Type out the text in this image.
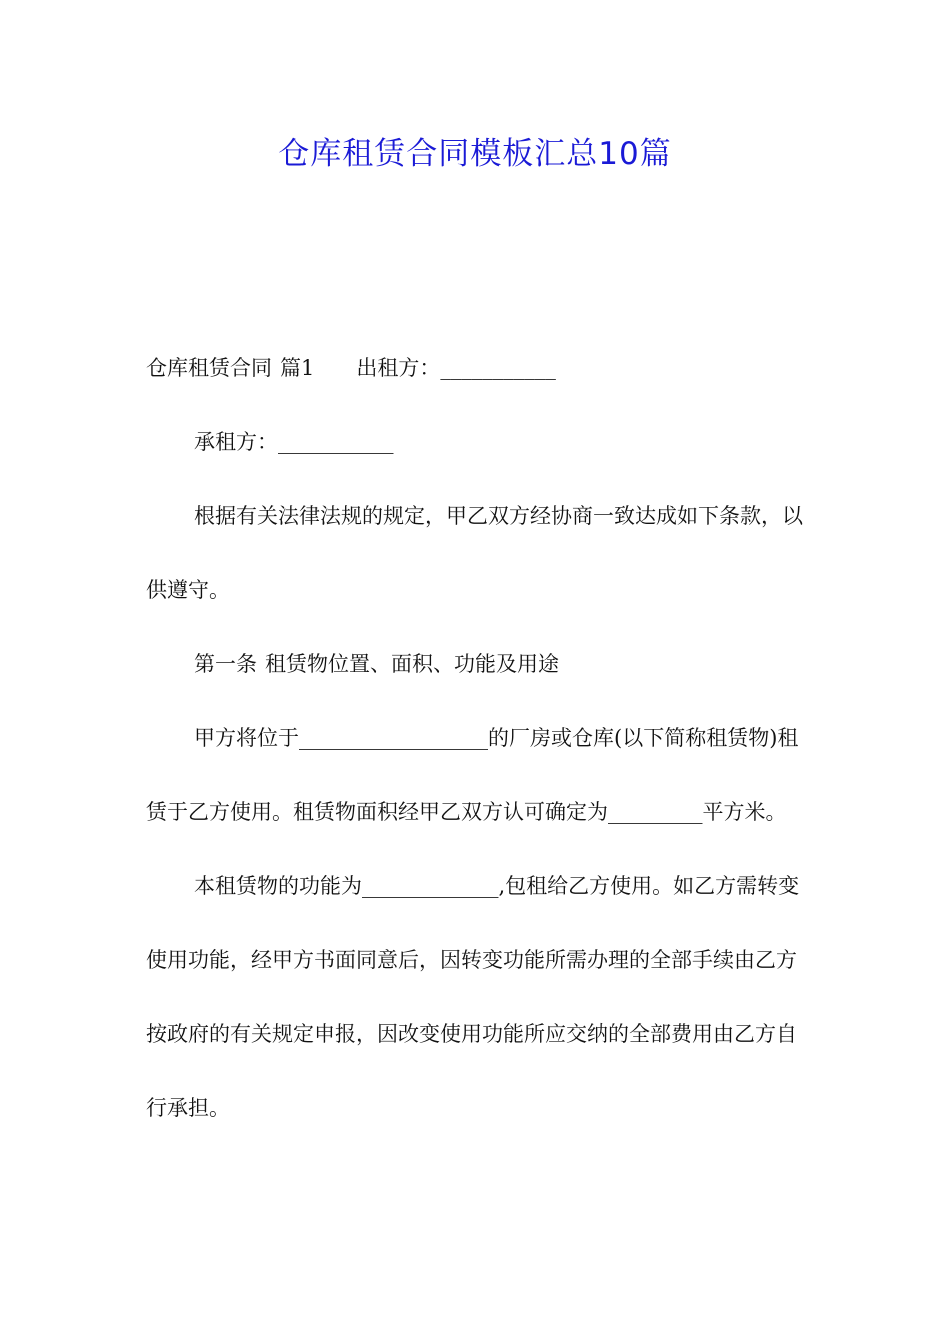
仓库租赁合同模板汇总10篇

仓库租赁合同 篇1 出租方：___________

承租方：___________

根据有关法律法规的规定，甲乙双方经协商一致达成如下条款，以供遵守。

第一条 租赁物位置、面积、功能及用途

甲方将位于__________________的厂房或仓库(以下简称租赁物)租赁于乙方使用。租赁物面积经甲乙双方认可确定为_________平方米。

本租赁物的功能为_____________,包租给乙方使用。如乙方需转变使用功能，经甲方书面同意后，因转变功能所需办理的全部手续由乙方按政府的有关规定申报，因改变使用功能所应交纳的全部费用由乙方自行承担。
